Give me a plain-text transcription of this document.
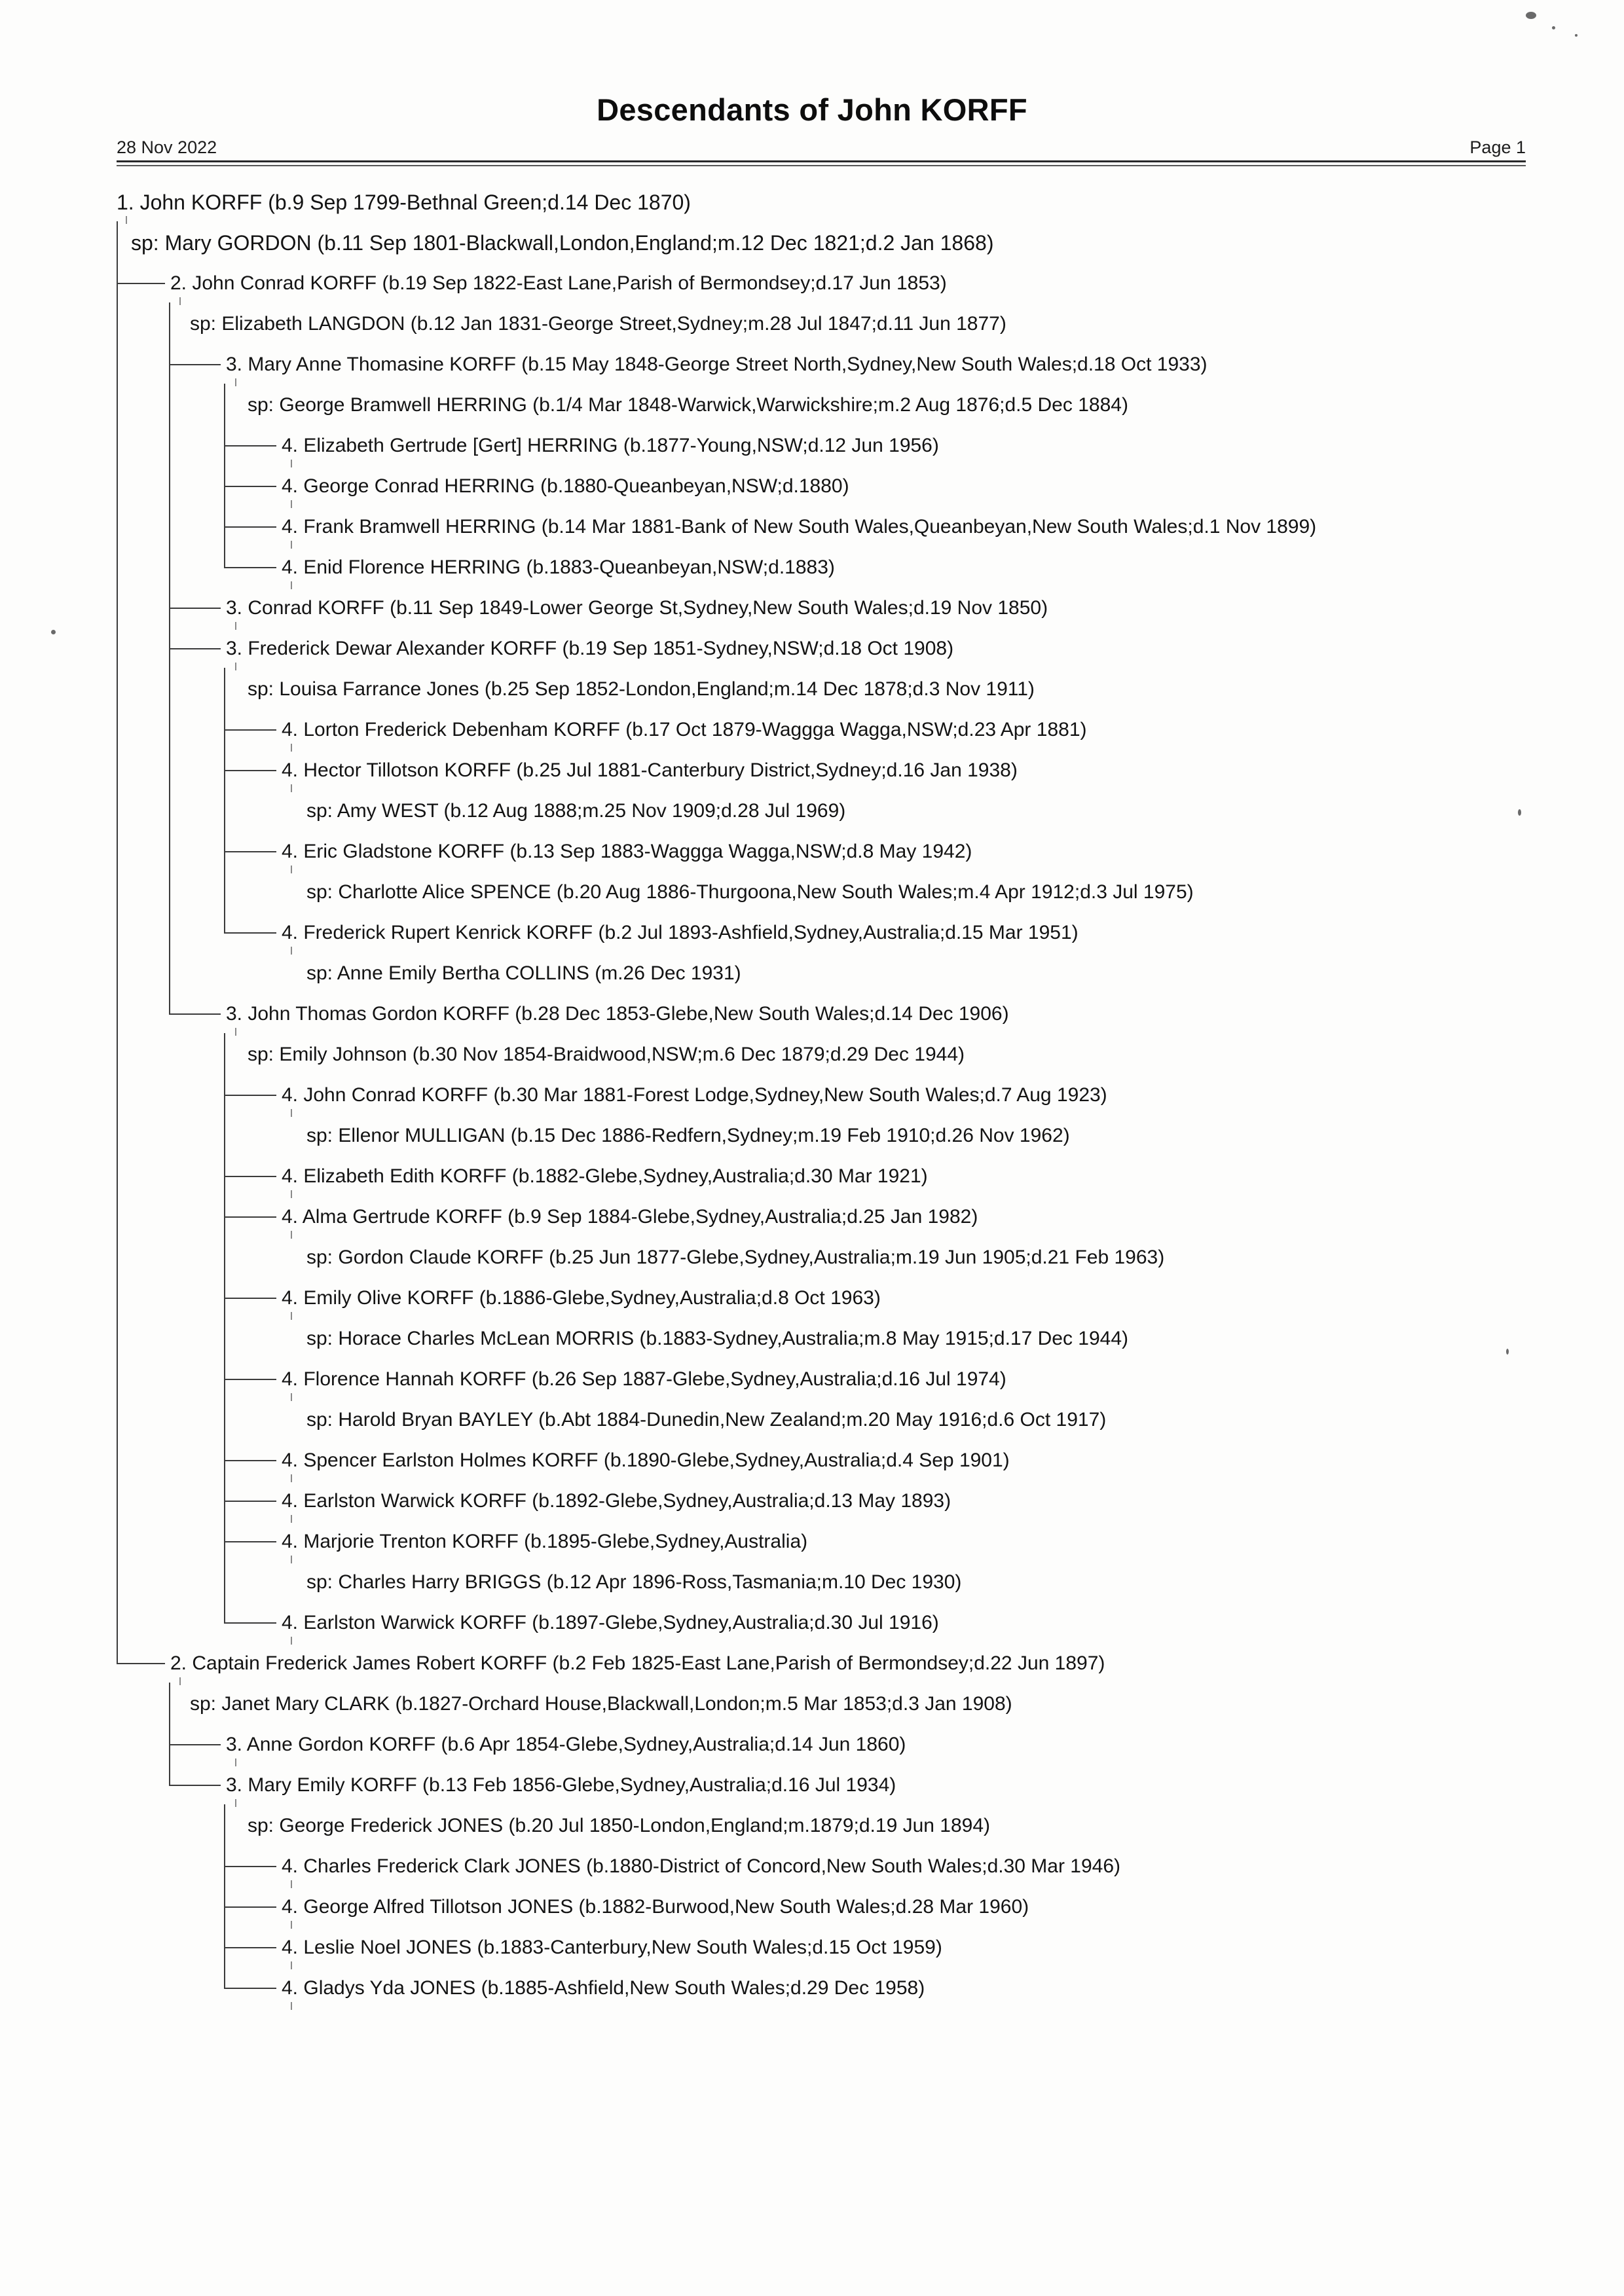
Descendants of John KORFF
28 Nov 2022	Page 1
1. John KORFF (b.9 Sep 1799-Bethnal Green;d.14 Dec 1870)
sp: Mary GORDON (b.11 Sep 1801-Blackwall,London,England;m.12 Dec 1821;d.2 Jan 1868)
2. John Conrad KORFF (b.19 Sep 1822-East Lane,Parish of Bermondsey;d.17 Jun 1853)
sp: Elizabeth LANGDON (b.12 Jan 1831-George Street,Sydney;m.28 Jul 1847;d.11 Jun 1877)
3. Mary Anne Thomasine KORFF (b.15 May 1848-George Street North,Sydney,New South Wales;d.18 Oct 1933)
sp: George Bramwell HERRING (b.1/4 Mar 1848-Warwick,Warwickshire;m.2 Aug 1876;d.5 Dec 1884)
4. Elizabeth Gertrude [Gert] HERRING (b.1877-Young,NSW;d.12 Jun 1956)
4. George Conrad HERRING (b.1880-Queanbeyan,NSW;d.1880)
4. Frank Bramwell HERRING (b.14 Mar 1881-Bank of New South Wales,Queanbeyan,New South Wales;d.1 Nov 1899)
4. Enid Florence HERRING (b.1883-Queanbeyan,NSW;d.1883)
3. Conrad KORFF (b.11 Sep 1849-Lower George St,Sydney,New South Wales;d.19 Nov 1850)
3. Frederick Dewar Alexander KORFF (b.19 Sep 1851-Sydney,NSW;d.18 Oct 1908)
sp: Louisa Farrance Jones (b.25 Sep 1852-London,England;m.14 Dec 1878;d.3 Nov 1911)
4. Lorton Frederick Debenham KORFF (b.17 Oct 1879-Waggga Wagga,NSW;d.23 Apr 1881)
4. Hector Tillotson KORFF (b.25 Jul 1881-Canterbury District,Sydney;d.16 Jan 1938)
sp: Amy WEST (b.12 Aug 1888;m.25 Nov 1909;d.28 Jul 1969)
4. Eric Gladstone KORFF (b.13 Sep 1883-Waggga Wagga,NSW;d.8 May 1942)
sp: Charlotte Alice SPENCE (b.20 Aug 1886-Thurgoona,New South Wales;m.4 Apr 1912;d.3 Jul 1975)
4. Frederick Rupert Kenrick KORFF (b.2 Jul 1893-Ashfield,Sydney,Australia;d.15 Mar 1951)
sp: Anne Emily Bertha COLLINS (m.26 Dec 1931)
3. John Thomas Gordon KORFF (b.28 Dec 1853-Glebe,New South Wales;d.14 Dec 1906)
sp: Emily Johnson (b.30 Nov 1854-Braidwood,NSW;m.6 Dec 1879;d.29 Dec 1944)
4. John Conrad KORFF (b.30 Mar 1881-Forest Lodge,Sydney,New South Wales;d.7 Aug 1923)
sp: Ellenor MULLIGAN (b.15 Dec 1886-Redfern,Sydney;m.19 Feb 1910;d.26 Nov 1962)
4. Elizabeth Edith KORFF (b.1882-Glebe,Sydney,Australia;d.30 Mar 1921)
4. Alma Gertrude KORFF (b.9 Sep 1884-Glebe,Sydney,Australia;d.25 Jan 1982)
sp: Gordon Claude KORFF (b.25 Jun 1877-Glebe,Sydney,Australia;m.19 Jun 1905;d.21 Feb 1963)
4. Emily Olive KORFF (b.1886-Glebe,Sydney,Australia;d.8 Oct 1963)
sp: Horace Charles McLean MORRIS (b.1883-Sydney,Australia;m.8 May 1915;d.17 Dec 1944)
4. Florence Hannah KORFF (b.26 Sep 1887-Glebe,Sydney,Australia;d.16 Jul 1974)
sp: Harold Bryan BAYLEY (b.Abt 1884-Dunedin,New Zealand;m.20 May 1916;d.6 Oct 1917)
4. Spencer Earlston Holmes KORFF (b.1890-Glebe,Sydney,Australia;d.4 Sep 1901)
4. Earlston Warwick KORFF (b.1892-Glebe,Sydney,Australia;d.13 May 1893)
4. Marjorie Trenton KORFF (b.1895-Glebe,Sydney,Australia)
sp: Charles Harry BRIGGS (b.12 Apr 1896-Ross,Tasmania;m.10 Dec 1930)
4. Earlston Warwick KORFF (b.1897-Glebe,Sydney,Australia;d.30 Jul 1916)
2. Captain Frederick James Robert KORFF (b.2 Feb 1825-East Lane,Parish of Bermondsey;d.22 Jun 1897)
sp: Janet Mary CLARK (b.1827-Orchard House,Blackwall,London;m.5 Mar 1853;d.3 Jan 1908)
3. Anne Gordon KORFF (b.6 Apr 1854-Glebe,Sydney,Australia;d.14 Jun 1860)
3. Mary Emily KORFF (b.13 Feb 1856-Glebe,Sydney,Australia;d.16 Jul 1934)
sp: George Frederick JONES (b.20 Jul 1850-London,England;m.1879;d.19 Jun 1894)
4. Charles Frederick Clark JONES (b.1880-District of Concord,New South Wales;d.30 Mar 1946)
4. George Alfred Tillotson JONES (b.1882-Burwood,New South Wales;d.28 Mar 1960)
4. Leslie Noel JONES (b.1883-Canterbury,New South Wales;d.15 Oct 1959)
4. Gladys Yda JONES (b.1885-Ashfield,New South Wales;d.29 Dec 1958)
